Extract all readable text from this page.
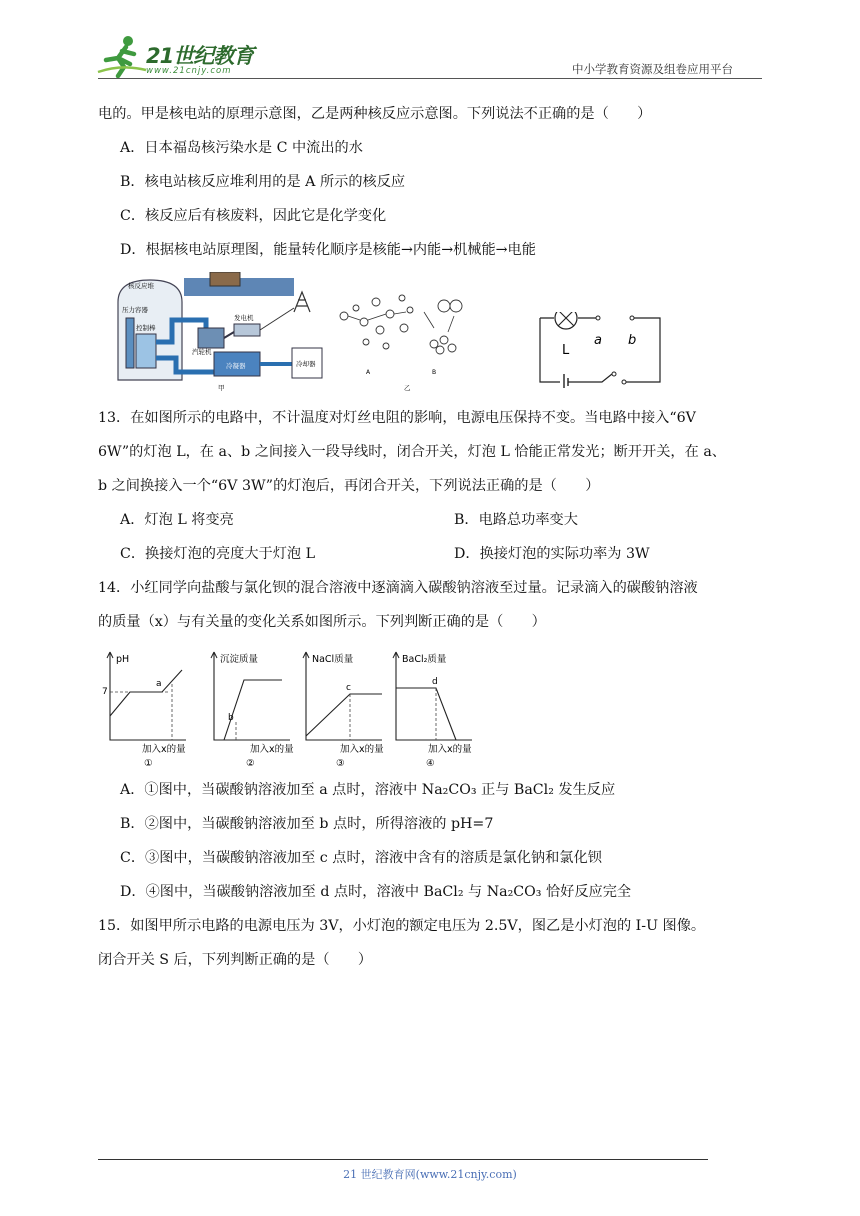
21世纪教育
www.21cnjy.com	中小学教育资源及组卷应用平台
电的。甲是核电站的原理示意图，乙是两种核反应示意图。下列说法不正确的是（　　）
A．日本福岛核污染水是 C 中流出的水
B．核电站核反应堆利用的是 A 所示的核反应
C．核反应后有核废料，因此它是化学变化
D．根据核电站原理图，能量转化顺序是核能→内能→机械能→电能
核反应堆
压力容器
控制棒
汽轮机
发电机
冷凝器	冷却器
甲
A	B
乙
L
a b
13．在如图所示的电路中，不计温度对灯丝电阻的影响，电源电压保持不变。当电路中接入“6V
6W”的灯泡 L，在 a、b 之间接入一段导线时，闭合开关，灯泡 L 恰能正常发光；断开开关，在 a、
b 之间换接入一个“6V 3W”的灯泡后，再闭合开关，下列说法正确的是（　　）
A．灯泡 L 将变亮	B．电路总功率变大
C．换接灯泡的亮度大于灯泡 L	D．换接灯泡的实际功率为 3W
14．小红同学向盐酸与氯化钡的混合溶液中逐滴滴入碳酸钠溶液至过量。记录滴入的碳酸钠溶液
的质量（x）与有关量的变化关系如图所示。下列判断正确的是（　　）
pH
7
a
加入x的量
①
沉淀质量
b
加入x的量
②
NaCl质量
c
加入x的量
③
BaCl₂质量
d
加入x的量
④
A．①图中，当碳酸钠溶液加至 a 点时，溶液中 Na₂CO₃ 正与 BaCl₂ 发生反应
B．②图中，当碳酸钠溶液加至 b 点时，所得溶液的 pH=7
C．③图中，当碳酸钠溶液加至 c 点时，溶液中含有的溶质是氯化钠和氯化钡
D．④图中，当碳酸钠溶液加至 d 点时，溶液中 BaCl₂ 与 Na₂CO₃ 恰好反应完全
15．如图甲所示电路的电源电压为 3V，小灯泡的额定电压为 2.5V，图乙是小灯泡的 I-U 图像。
闭合开关 S 后，下列判断正确的是（　　）
21 世纪教育网(www.21cnjy.com)
